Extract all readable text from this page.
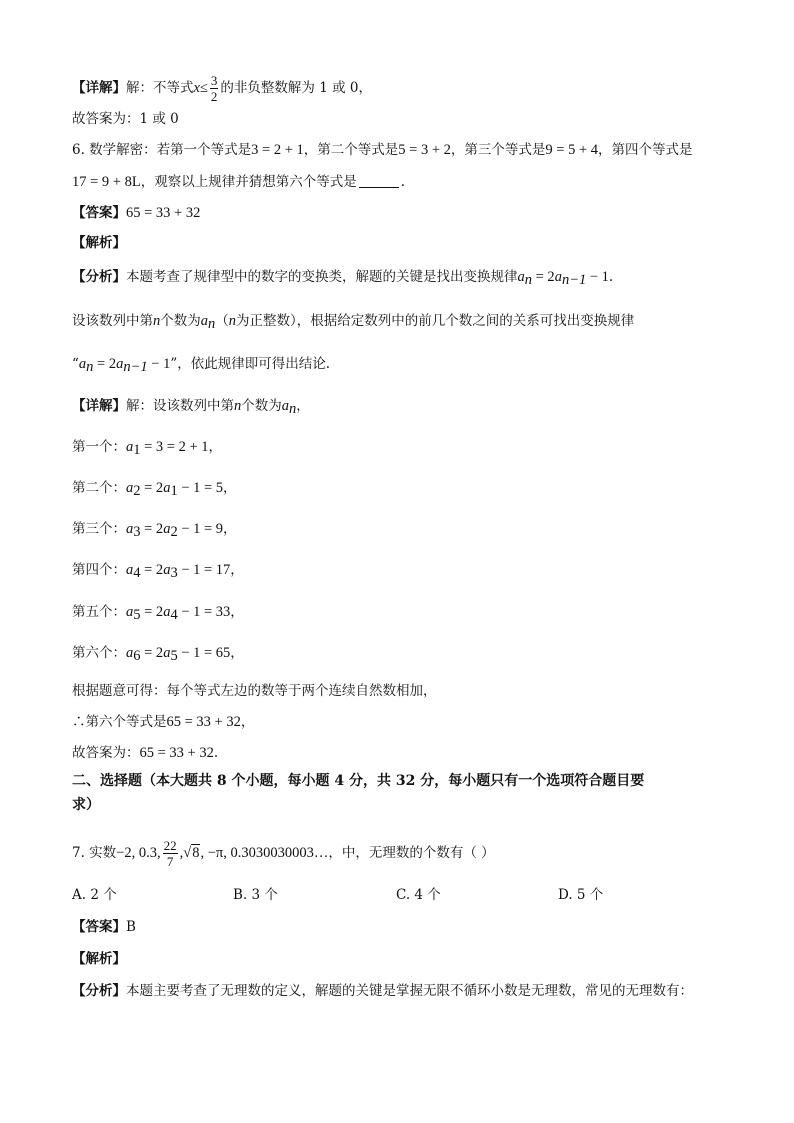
【详解】解：不等式$x\le \frac{3}{2}$ 的非负整数解为 1 或 0，
故答案为：1 或 0
6. 数学解密：若第一个等式是3 = 2 + 1，第二个等式是5 = 3 + 2，第三个等式是9 = 5 + 4，第四个等式是
17 = 9 + 8L，观察以上规律并猜想第六个等式是	.
【答案】65 = 33 + 32
【解析】
【分析】本题考查了规律型中的数字的变换类，解题的关键是找出变换规律$a_n = 2a_{n-1} - 1$.
设该数列中第n个数为$a_n(n$为正整数），根据给定数列中的前几个数之间的关系可找出变换规律
“$a_n = 2a_{n-1} - 1$”，依此规律即可得出结论.
【详解】解：设该数列中第n个数为$a_n$，
第一个：$a_1 = 3 = 2 + 1$，
第二个：$a_2 = 2a_1 - 1 = 5$，
第三个：$a_3 = 2a_2 - 1 = 9$，
第四个：$a_4 = 2a_3 - 1 = 17$，
第五个：$a_5 = 2a_4 - 1 = 33$，
第六个：$a_6 = 2a_5 - 1 = 65$，
根据题意可得：每个等式左边的数等于两个连续自然数相加，
∴第六个等式是65 = 33 + 32，
故答案为：65 = 33 + 32.
二、选择题（本大题共 8 个小题，每小题 4 分，共 32 分，每小题只有一个选项符合题目要
求）
7. 实数−2, 0.3, $\frac{22}{7} ,√8$, −π, 0.3030030003…，中，无理数的个数有（ ）
A. 2 个	B. 3 个	C. 4 个	D. 5 个
【答案】B
【解析】
【分析】本题主要考查了无理数的定义，解题的关键是掌握无限不循环小数是无理数，常见的无理数有：
